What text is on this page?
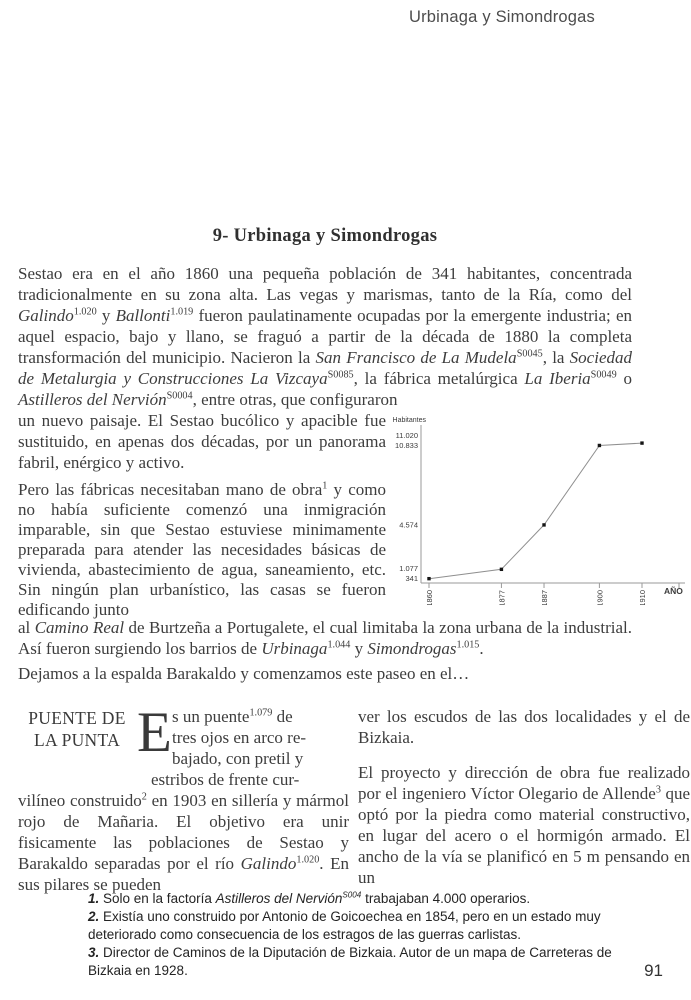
Urbinaga y Simondrogas
9- Urbinaga y Simondrogas
Sestao era en el año 1860 una pequeña población de 341 habitantes, concentrada tradicionalmente en su zona alta. Las vegas y marismas, tanto de la Ría, como del Galindo$^{1.020}$ y Ballonti$^{1.019}$ fueron paulatinamente ocupadas por la emergente industria; en aquel espacio, bajo y llano, se fraguó a partir de la década de 1880 la completa transformación del municipio. Nacieron la San Francisco de La Mudela$^{S0045}$, la Sociedad de Metalurgia y Construcciones La Vizcaya$^{S0085}$, la fábrica metalúrgica La Iberia$^{S0049}$ o Astilleros del Nervión$^{S0004}$, entre otras, que configuraron
Habitantes
AÑO
341
1.077
4.574
10.833
11.020
1860	1877	1887	1900	1910
un nuevo paisaje. El Sestao bucólico y apacible fue sustituido, en apenas dos décadas, por un panorama fabril, enérgico y activo.
Pero las fábricas necesitaban mano de obra$^1$ y como no había suficiente comenzó una inmigración imparable, sin que Sestao estuviese minimamente preparada para atender las necesidades básicas de vivienda, abastecimiento de agua, saneamiento, etc. Sin ningún plan urbanístico, las casas se fueron edificando junto
al Camino Real de Burtzeña a Portugalete, el cual limitaba la zona urbana de la industrial. Así fueron surgiendo los barrios de Urbinaga$^{1.044}$ y Simondrogas$^{1.015}$.
Dejamos a la espalda Barakaldo y comenzamos este paseo en el…
PUENTE DE
LA PUNTA E s un puente$^{1.079}$ de
tres ojos en arco re-
bajado, con pretil y
estribos de frente cur-
vilíneo construido$^2$ en 1903 en sillería y mármol rojo de Mañaria. El objetivo era unir fisicamente las poblaciones de Sestao y Barakaldo separadas por el río Galindo$^{1.020}$. En sus pilares se pueden
ver los escudos de las dos localidades y el de Bizkaia.
El proyecto y dirección de obra fue realizado por el ingeniero Víctor Olegario de Allende$^3$ que optó por la piedra como material constructivo, en lugar del acero o el hormigón armado. El ancho de la vía se planificó en 5 m pensando en un
1. Solo en la factoría Astilleros del Nervión$^{S004}$ trabajaban 4.000 operarios.
2. Existía uno construido por Antonio de Goicoechea en 1854, pero en un estado muy deteriorado como consecuencia de los estragos de las guerras carlistas.
3. Director de Caminos de la Diputación de Bizkaia. Autor de un mapa de Carreteras de Bizkaia en 1928.	91
